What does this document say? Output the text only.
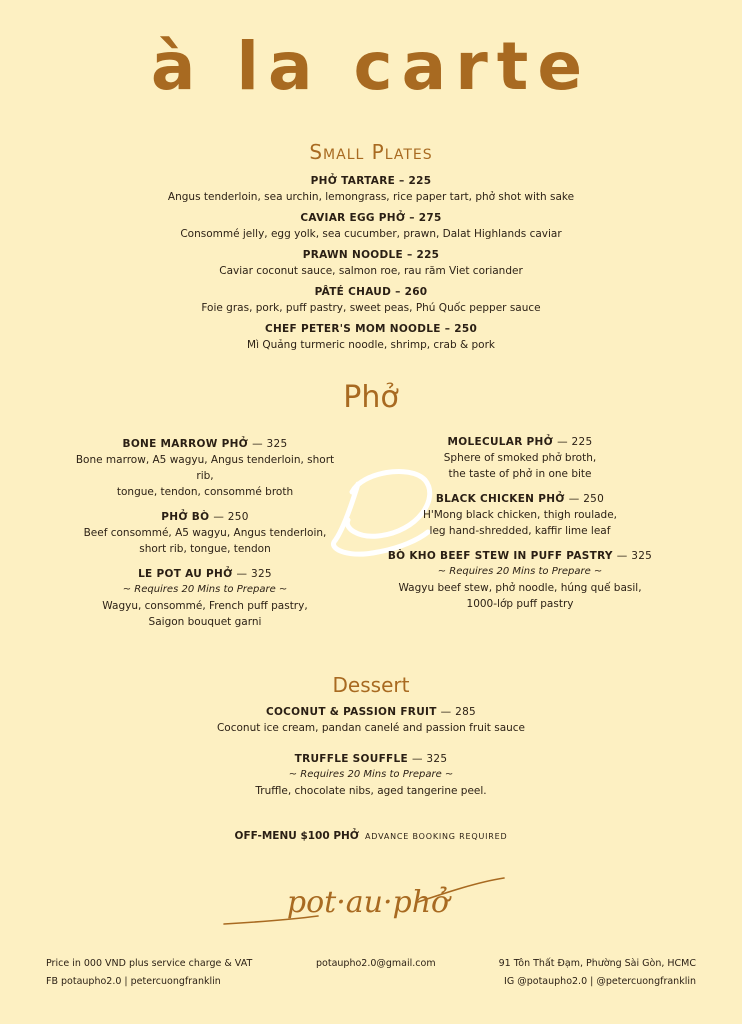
à la carte
Small Plates
PHỞ TARTARE – 225
Angus tenderloin, sea urchin, lemongrass, rice paper tart, phở shot with sake
CAVIAR EGG PHỞ – 275
Consommé jelly, egg yolk, sea cucumber, prawn, Dalat Highlands caviar
PRAWN NOODLE – 225
Caviar coconut sauce, salmon roe, rau răm Viet coriander
PÂTÉ CHAUD – 260
Foie gras, pork, puff pastry, sweet peas, Phú Quốc pepper sauce
CHEF PETER'S MOM NOODLE – 250
Mì Quảng turmeric noodle, shrimp, crab & pork
Phở
BONE MARROW PHỞ — 325
Bone marrow, A5 wagyu, Angus tenderloin, short rib,
tongue, tendon, consommé broth
PHỞ BÒ — 250
Beef consommé, A5 wagyu, Angus tenderloin,
short rib, tongue, tendon
LE POT AU PHỞ — 325
~ Requires 20 Mins to Prepare ~
Wagyu, consommé, French puff pastry,
Saigon bouquet garni
MOLECULAR PHỞ — 225
Sphere of smoked phở broth,
the taste of phở in one bite
BLACK CHICKEN PHỞ — 250
H'Mong black chicken, thigh roulade,
leg hand-shredded, kaffir lime leaf
BÒ KHO BEEF STEW IN PUFF PASTRY — 325
~ Requires 20 Mins to Prepare ~
Wagyu beef stew, phở noodle, húng quế basil,
1000-lớp puff pastry
Dessert
COCONUT & PASSION FRUIT — 285
Coconut ice cream, pandan canelé and passion fruit sauce
TRUFFLE SOUFFLE — 325
~ Requires 20 Mins to Prepare ~
Truffle, chocolate nibs, aged tangerine peel.
OFF-MENU $100 PHỞ ADVANCE BOOKING REQUIRED
pot·au·phở
Price in 000 VND plus service charge & VAT
FB potaupho2.0 | petercuongfranklin
potaupho2.0@gmail.com	91 Tôn Thất Đạm, Phường Sài Gòn, HCMC
IG @potaupho2.0 | @petercuongfranklin
